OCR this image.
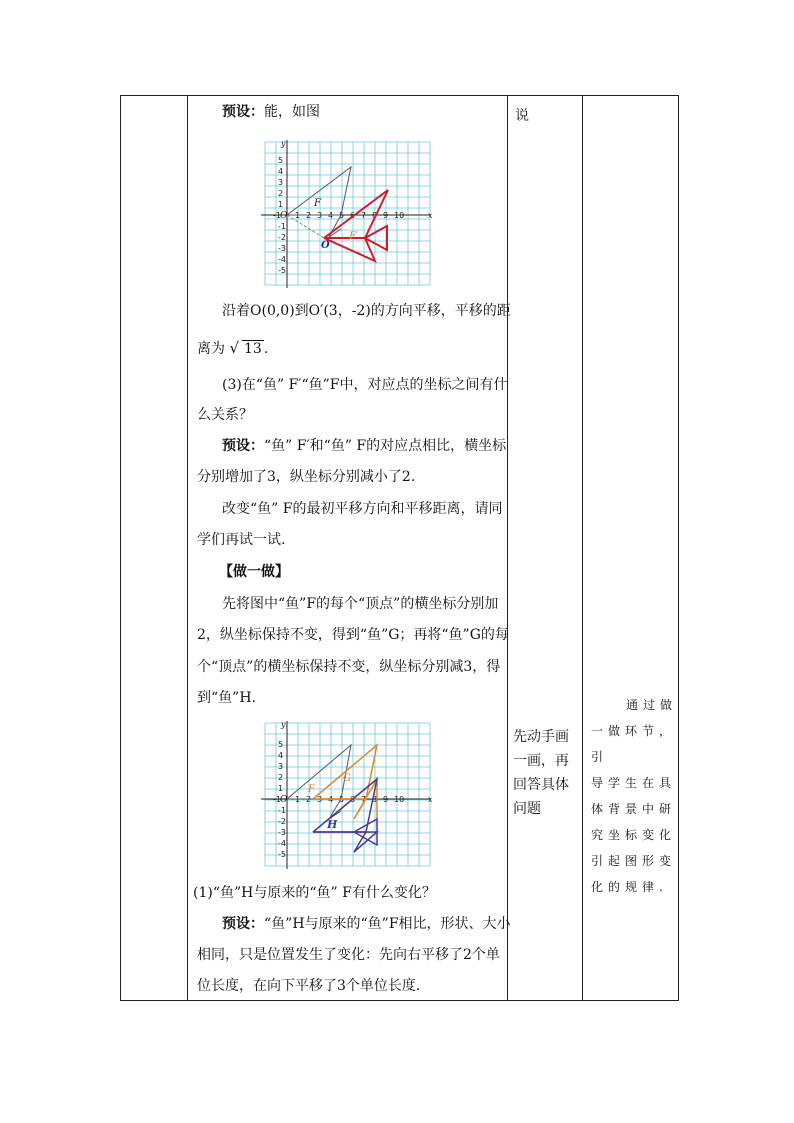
预设：能，如图
-1 1 2 3 4 5 6 7 8 9 10
5
4
3
2
1
-1
-2
-3
-4
-5
F
F′
O′
O	x
y
沿着O(0,0)到O′(3，-2)的方向平移，平移的距
离为 √ 13 .
(3)在“鱼” F′“鱼”F中，对应点的坐标之间有什
么关系？
预设：“鱼” F′和“鱼” F的对应点相比，横坐标
分别增加了3，纵坐标分别减小了2.
改变“鱼” F的最初平移方向和平移距离，请同
学们再试一试.
【做一做】
先将图中“鱼”F的每个“顶点”的横坐标分别加
2，纵坐标保持不变，得到“鱼”G；再将“鱼”G的每
个“顶点”的横坐标保持不变，纵坐标分别减3，得
到“鱼”H.
-1 1 2 3 4 5 6 7 8 9 10
5
4
3
2
1
-1
-2
-3
-4
-5
F
G
H
O	x
y
(1)“鱼”H与原来的“鱼” F有什么变化？
预设：“鱼”H与原来的“鱼”F相比，形状、大小
相同，只是位置发生了变化：先向右平移了2个单
位长度，在向下平移了3个单位长度.
说
先动手画
一画，再
回答具体
问题
通过做
一做环节，引
导学生在具
体背景中研
究坐标变化
引起图形变
化的规律.
